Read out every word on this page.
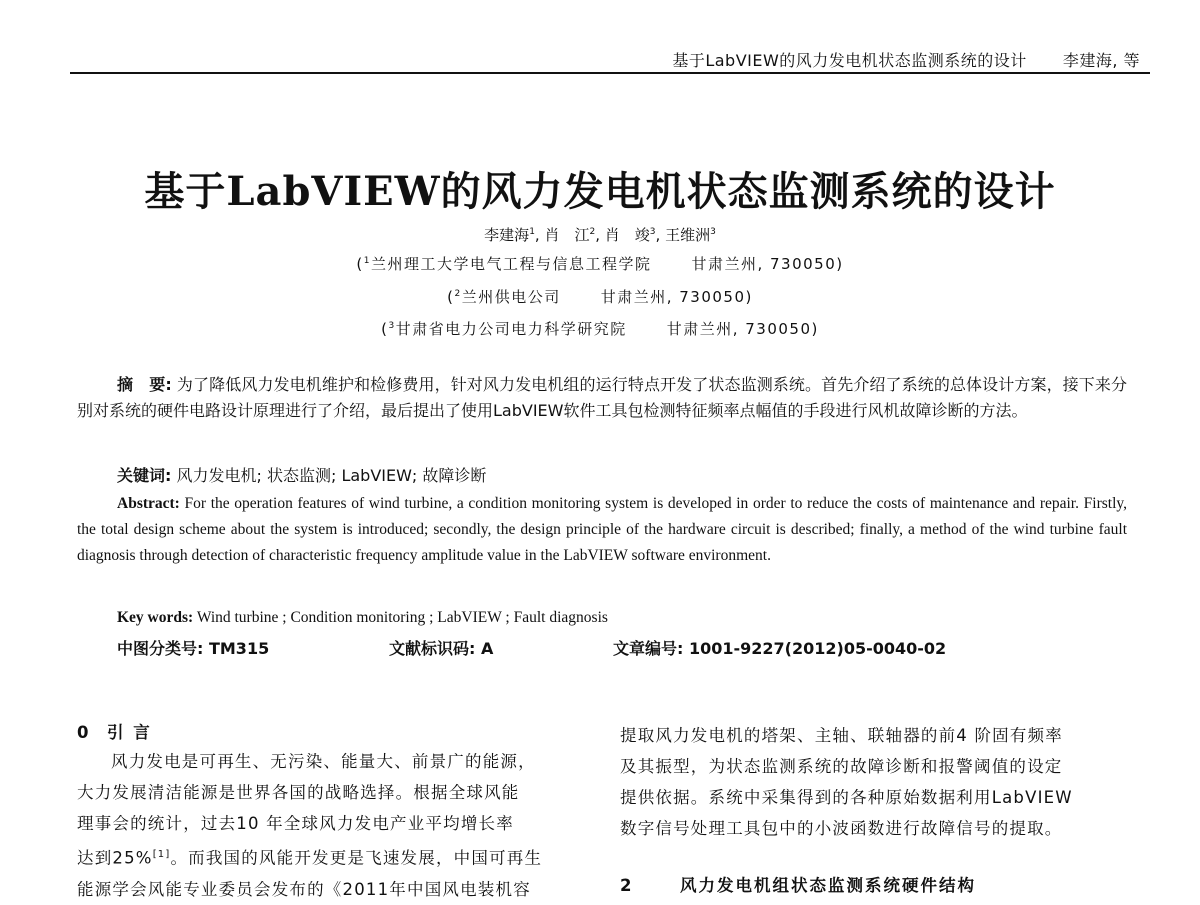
基于LabVIEW的风力发电机状态监测系统的设计 李建海, 等
基于LabVIEW的风力发电机状态监测系统的设计
李建海$^1$, 肖　江$^2$, 肖　竣$^3$, 王维洲$^3$
($^1$兰州理工大学电气工程与信息工程学院	甘肃兰州, 730050)
($^2$兰州供电公司	甘肃兰州, 730050)
($^3$甘肃省电力公司电力科学研究院	甘肃兰州, 730050)
摘　要: 为了降低风力发电机维护和检修费用，针对风力发电机组的运行特点开发了状态监测系统。首先介绍了系统的总体设计方案，接下来分别对系统的硬件电路设计原理进行了介绍，最后提出了使用LabVIEW软件工具包检测特征频率点幅值的手段进行风机故障诊断的方法。
关键词: 风力发电机; 状态监测; LabVIEW; 故障诊断
Abstract: For the operation features of wind turbine, a condition monitoring system is developed in order to reduce the costs of maintenance and repair. Firstly, the total design scheme about the system is introduced; secondly, the design principle of the hardware circuit is described; finally, a method of the wind turbine fault diagnosis through detection of characteristic frequency amplitude value in the LabVIEW software environment.
Key words: Wind turbine ; Condition monitoring ; LabVIEW ; Fault diagnosis
中图分类号: TM315	文献标识码: A	文章编号: 1001-9227(2012)05-0040-02
0 引 言
风力发电是可再生、无污染、能量大、前景广的能源，
大力发展清洁能源是世界各国的战略选择。根据全球风能
理事会的统计，过去10 年全球风力发电产业平均增长率
达到25%[1]。而我国的风能开发更是飞速发展，中国可再生
能源学会风能专业委员会发布的《2011年中国风电装机容
提取风力发电机的塔架、主轴、联轴器的前4 阶固有频率
及其振型，为状态监测系统的故障诊断和报警阈值的设定
提供依据。系统中采集得到的各种原始数据利用LabVIEW
数字信号处理工具包中的小波函数进行故障信号的提取。
2	风力发电机组状态监测系统硬件结构
